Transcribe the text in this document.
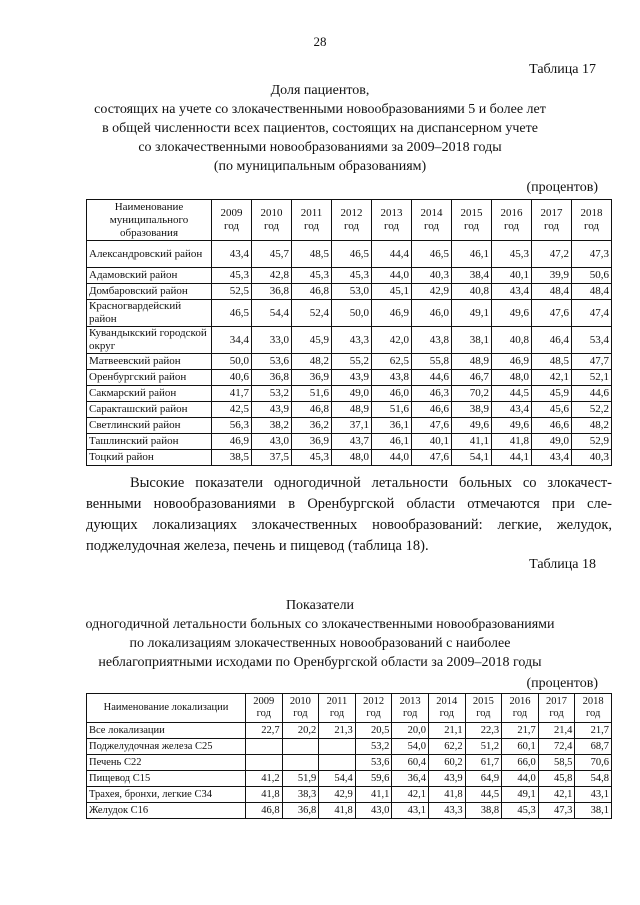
28
Таблица 17
Доля пациентов,
состоящих на учете со злокачественными новообразованиями 5 и более лет
в общей численности всех пациентов, состоящих на диспансерном учете
со злокачественными новообразованиями за 2009–2018 годы
(по муниципальным образованиям)
(процентов)
Наименование муниципального образования	2009 год	2010 год	2011 год	2012 год	2013 год	2014 год	2015 год	2016 год	2017 год	2018 год
Александровский район	43,4	45,7	48,5	46,5	44,4	46,5	46,1	45,3	47,2	47,3
Адамовский район	45,3	42,8	45,3	45,3	44,0	40,3	38,4	40,1	39,9	50,6
Домбаровский район	52,5	36,8	46,8	53,0	45,1	42,9	40,8	43,4	48,4	48,4
Красногвардейский район	46,5	54,4	52,4	50,0	46,9	46,0	49,1	49,6	47,6	47,4
Кувандыкский городской округ	34,4	33,0	45,9	43,3	42,0	43,8	38,1	40,8	46,4	53,4
Матвеевский район	50,0	53,6	48,2	55,2	62,5	55,8	48,9	46,9	48,5	47,7
Оренбургский район	40,6	36,8	36,9	43,9	43,8	44,6	46,7	48,0	42,1	52,1
Сакмарский район	41,7	53,2	51,6	49,0	46,0	46,3	70,2	44,5	45,9	44,6
Саракташский район	42,5	43,9	46,8	48,9	51,6	46,6	38,9	43,4	45,6	52,2
Светлинский район	56,3	38,2	36,2	37,1	36,1	47,6	49,6	49,6	46,6	48,2
Ташлинский район	46,9	43,0	36,9	43,7	46,1	40,1	41,1	41,8	49,0	52,9
Тоцкий район	38,5	37,5	45,3	48,0	44,0	47,6	54,1	44,1	43,4	40,3
Высокие показатели одногодичной летальности больных со злокачест-
венными новообразованиями в Оренбургской области отмечаются при сле-
дующих локализациях злокачественных новообразований: легкие, желудок,
поджелудочная железа, печень и пищевод (таблица 18).
Таблица 18
Показатели
одногодичной летальности больных со злокачественными новообразованиями
по локализациям злокачественных новообразований с наиболее
неблагоприятными исходами по Оренбургской области за 2009–2018 годы
(процентов)
Наименование локализации	2009 год	2010 год	2011 год	2012 год	2013 год	2014 год	2015 год	2016 год	2017 год	2018 год
Все локализации	22,7	20,2	21,3	20,5	20,0	21,1	22,3	21,7	21,4	21,7
Поджелудочная железа С25				53,2	54,0	62,2	51,2	60,1	72,4	68,7
Печень С22				53,6	60,4	60,2	61,7	66,0	58,5	70,6
Пищевод С15	41,2	51,9	54,4	59,6	36,4	43,9	64,9	44,0	45,8	54,8
Трахея, бронхи, легкие С34	41,8	38,3	42,9	41,1	42,1	41,8	44,5	49,1	42,1	43,1
Желудок С16	46,8	36,8	41,8	43,0	43,1	43,3	38,8	45,3	47,3	38,1
